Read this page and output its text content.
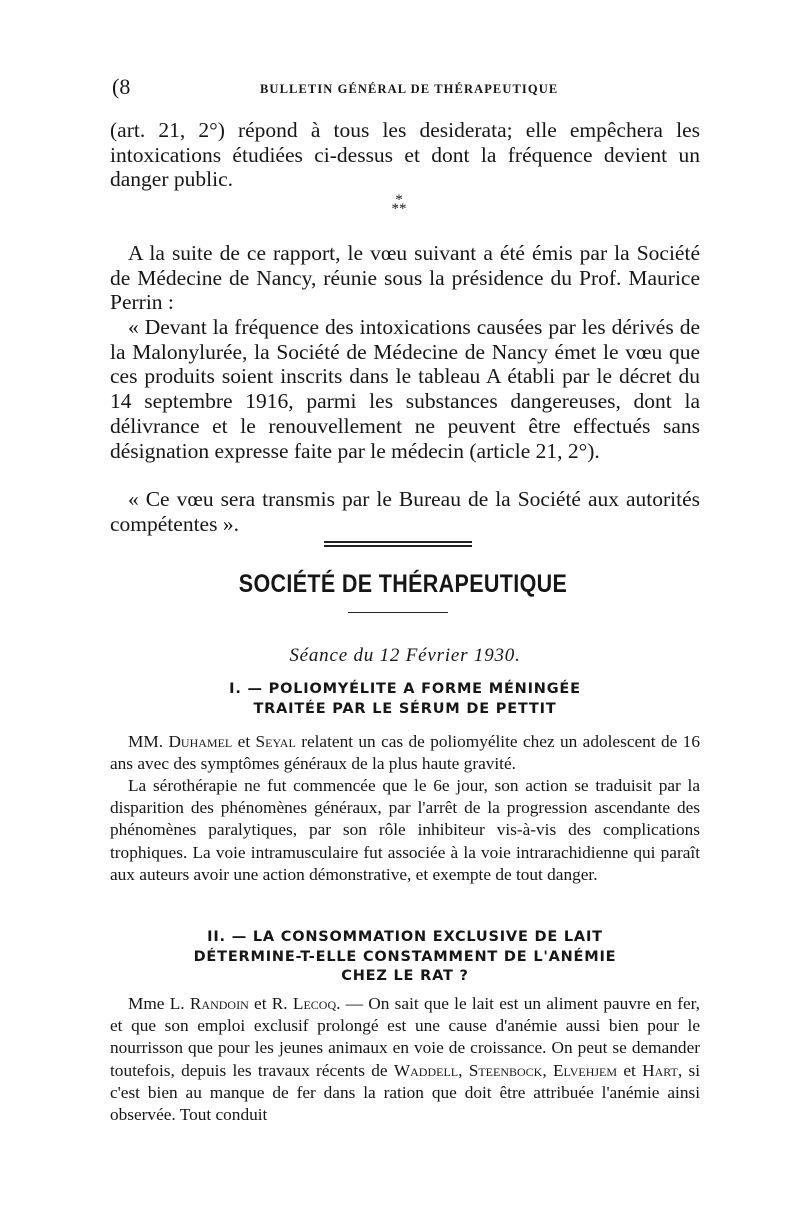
(8	BULLETIN GÉNÉRAL DE THÉRAPEUTIQUE

(art. 21, 2°) répond à tous les desiderata; elle empêchera les intoxications étudiées ci-dessus et dont la fréquence devient un danger public.

*
**

A la suite de ce rapport, le vœu suivant a été émis par la Société de Médecine de Nancy, réunie sous la présidence du Prof. Maurice Perrin :

« Devant la fréquence des intoxications causées par les dérivés de la Malonylurée, la Société de Médecine de Nancy émet le vœu que ces produits soient inscrits dans le tableau A établi par le décret du 14 septembre 1916, parmi les substances dangereuses, dont la délivrance et le renouvellement ne peuvent être effectués sans désignation expresse faite par le médecin (article 21, 2°).

« Ce vœu sera transmis par le Bureau de la Société aux autorités compétentes ».

SOCIÉTÉ DE THÉRAPEUTIQUE
Séance du 12 Février 1930.
I. — POLIOMYÉLITE A FORME MÉNINGÉE
TRAITÉE PAR LE SÉRUM DE PETTIT

MM. Duhamel et Seyal relatent un cas de poliomyélite chez un adolescent de 16 ans avec des symptômes généraux de la plus haute gravité.

La sérothérapie ne fut commencée que le 6e jour, son action se traduisit par la disparition des phénomènes généraux, par l'arrêt de la progression ascendante des phénomènes paralytiques, par son rôle inhibiteur vis-à-vis des complications trophiques. La voie intramusculaire fut associée à la voie intrarachidienne qui paraît aux auteurs avoir une action démonstrative, et exempte de tout danger.

II. — LA CONSOMMATION EXCLUSIVE DE LAIT
DÉTERMINE-T-ELLE CONSTAMMENT DE L'ANÉMIE
CHEZ LE RAT ?

Mme L. Randoin et R. Lecoq. — On sait que le lait est un aliment pauvre en fer, et que son emploi exclusif prolongé est une cause d'anémie aussi bien pour le nourrisson que pour les jeunes animaux en voie de croissance. On peut se demander toutefois, depuis les travaux récents de Waddell, Steenbock, Elvehjem et Hart, si c'est bien au manque de fer dans la ration que doit être attribuée l'anémie ainsi observée. Tout conduit
